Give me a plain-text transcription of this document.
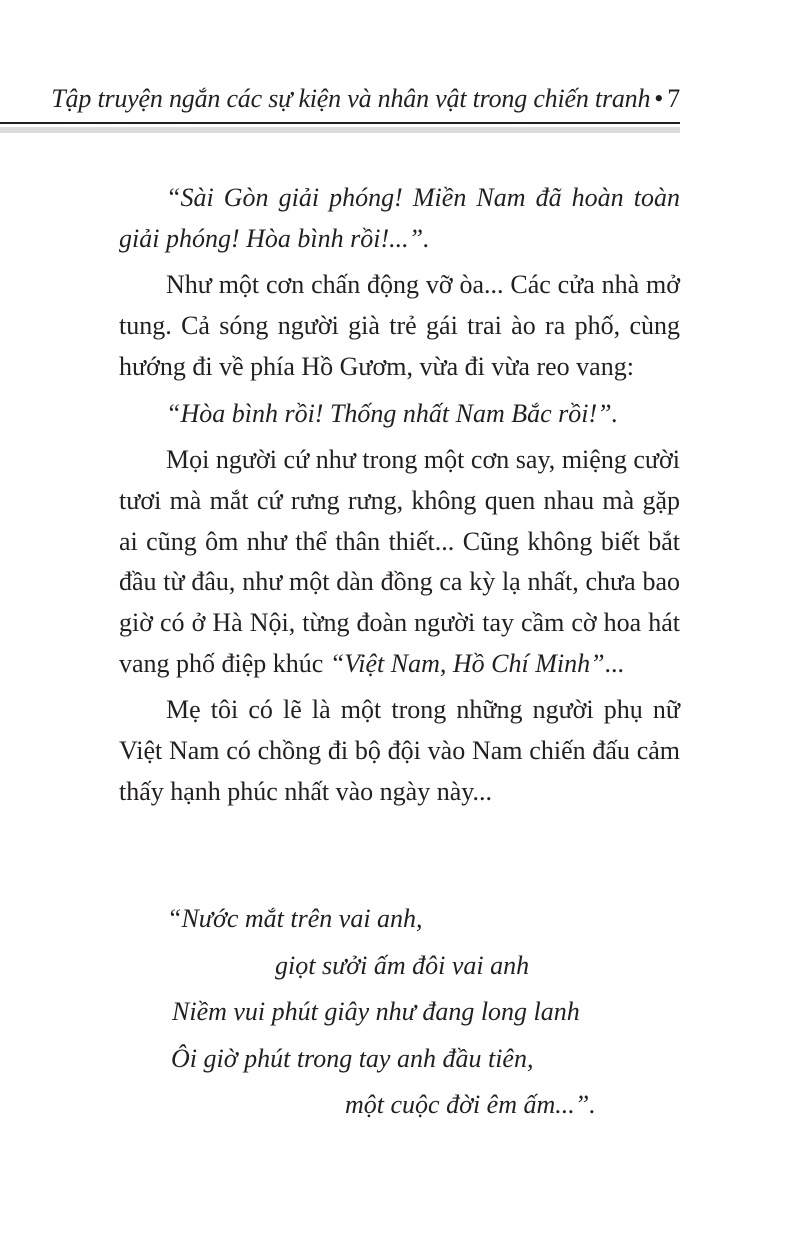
Tập truyện ngắn các sự kiện và nhân vật trong chiến tranh • 7

“Sài Gòn giải phóng! Miền Nam đã hoàn toàn giải phóng! Hòa bình rồi!...”.

Như một cơn chấn động vỡ òa... Các cửa nhà mở tung. Cả sóng người già trẻ gái trai ào ra phố, cùng hướng đi về phía Hồ Gươm, vừa đi vừa reo vang:

“Hòa bình rồi! Thống nhất Nam Bắc rồi!”.

Mọi người cứ như trong một cơn say, miệng cười tươi mà mắt cứ rưng rưng, không quen nhau mà gặp ai cũng ôm như thể thân thiết... Cũng không biết bắt đầu từ đâu, như một dàn đồng ca kỳ lạ nhất, chưa bao giờ có ở Hà Nội, từng đoàn người tay cầm cờ hoa hát vang phố điệp khúc “Việt Nam, Hồ Chí Minh”...

Mẹ tôi có lẽ là một trong những người phụ nữ Việt Nam có chồng đi bộ đội vào Nam chiến đấu cảm thấy hạnh phúc nhất vào ngày này...

“Nước mắt trên vai anh,
giọt sưởi ấm đôi vai anh
Niềm vui phút giây như đang long lanh
Ôi giờ phút trong tay anh đầu tiên,
một cuộc đời êm ấm...”.
